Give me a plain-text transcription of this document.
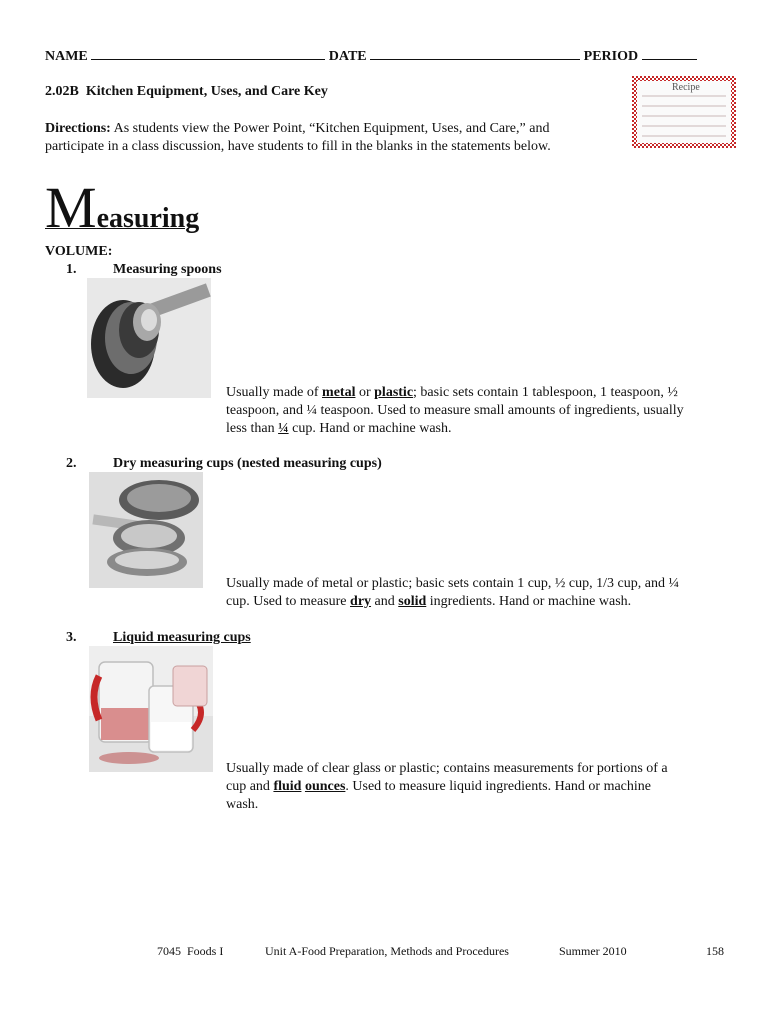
NAME	DATE	PERIOD
2.02B  Kitchen Equipment, Uses, and Care Key
Directions: As students view the Power Point, “Kitchen Equipment, Uses, and Care,” and
participate in a class discussion, have students to fill in the blanks in the statements below.
Recipe
Measuring
VOLUME:
1.	Measuring spoons
Usually made of metal or plastic; basic sets contain 1 tablespoon, 1 teaspoon, ½
teaspoon, and ¼ teaspoon. Used to measure small amounts of ingredients, usually
less than ¼ cup. Hand or machine wash.
2.	Dry measuring cups (nested measuring cups)
Usually made of metal or plastic; basic sets contain 1 cup, ½ cup, 1/3 cup, and ¼
cup. Used to measure dry and solid ingredients. Hand or machine wash.
3.	Liquid measuring cups
Usually made of clear glass or plastic; contains measurements for portions of a
cup and fluid ounces. Used to measure liquid ingredients. Hand or machine
wash.
7045  Foods I	Unit A-Food Preparation, Methods and Procedures	Summer 2010	158
